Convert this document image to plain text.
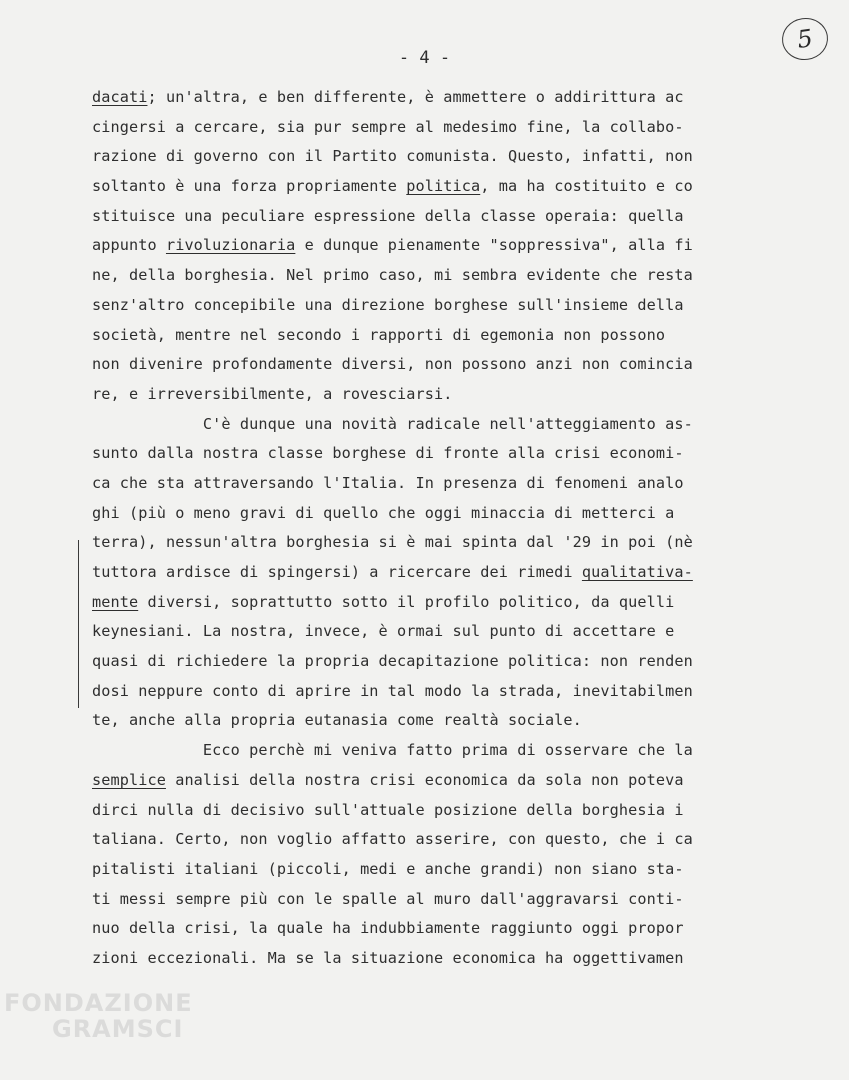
- 4 -
5
dacati; un'altra, e ben differente, è ammettere o addirittura ac
cingersi a cercare, sia pur sempre al medesimo fine, la collabo-
razione di governo con il Partito comunista. Questo, infatti, non
soltanto è una forza propriamente politica, ma ha costituito e co
stituisce una peculiare espressione della classe operaia: quella
appunto rivoluzionaria e dunque pienamente "soppressiva", alla fi
ne, della borghesia. Nel primo caso, mi sembra evidente che resta
senz'altro concepibile una direzione borghese sull'insieme della
società, mentre nel secondo i rapporti di egemonia non possono
non divenire profondamente diversi, non possono anzi non comincia
re, e irreversibilmente, a rovesciarsi.
C'è dunque una novità radicale nell'atteggiamento as-
sunto dalla nostra classe borghese di fronte alla crisi economi-
ca che sta attraversando l'Italia. In presenza di fenomeni analo
ghi (più o meno gravi di quello che oggi minaccia di metterci a
terra), nessun'altra borghesia si è mai spinta dal '29 in poi (nè
tuttora ardisce di spingersi) a ricercare dei rimedi qualitativa-
mente diversi, soprattutto sotto il profilo politico, da quelli
keynesiani. La nostra, invece, è ormai sul punto di accettare e
quasi di richiedere la propria decapitazione politica: non renden
dosi neppure conto di aprire in tal modo la strada, inevitabilmen
te, anche alla propria eutanasia come realtà sociale.
Ecco perchè mi veniva fatto prima di osservare che la
semplice analisi della nostra crisi economica da sola non poteva
dirci nulla di decisivo sull'attuale posizione della borghesia i
taliana. Certo, non voglio affatto asserire, con questo, che i ca
pitalisti italiani (piccoli, medi e anche grandi) non siano sta-
ti messi sempre più con le spalle al muro dall'aggravarsi conti-
nuo della crisi, la quale ha indubbiamente raggiunto oggi propor
zioni eccezionali. Ma se la situazione economica ha oggettivamen
FONDAZIONE
GRAMSCI
